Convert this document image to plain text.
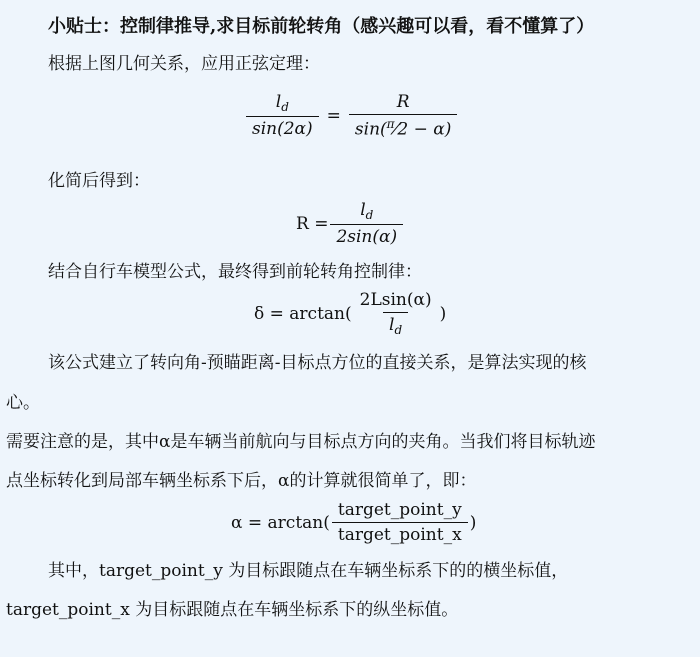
小贴士：控制律推导,求目标前轮转角（感兴趣可以看，看不懂算了）
根据上图几何关系，应用正弦定理：
$\frac{l_d}{\sin(2\alpha)} = \frac{R}{\sin(^\pi⁄2 - \alpha)}$
化简后得到：
$R = \frac{l_d}{2\sin(\alpha)}$
结合自行车模型公式，最终得到前轮转角控制律：
$\delta = \arctan( \frac{2Lsin(\alpha)}{l_d}$ )
该公式建立了转向角-预瞄距离-目标点方位的直接关系，是算法实现的核
心。
需要注意的是，其中α是车辆当前航向与目标点方向的夹角。当我们将目标轨迹
点坐标转化到局部车辆坐标系下后，α的计算就很简单了，即：
$\alpha = \arctan( \frac{\text{target\_point\_y}}{\text{target\_point\_x}}$ )
其中，target_point_y 为目标跟随点在车辆坐标系下的的横坐标值，
target_point_x 为目标跟随点在车辆坐标系下的纵坐标值。
